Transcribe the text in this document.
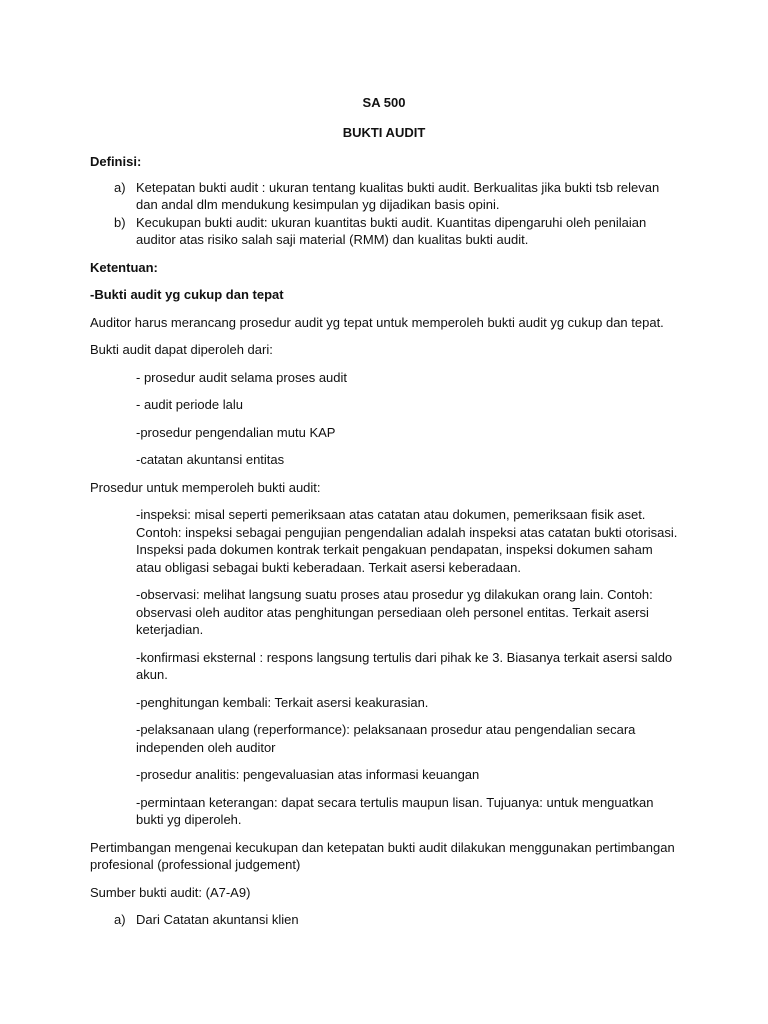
SA 500
BUKTI AUDIT
Definisi:
a) Ketepatan bukti audit : ukuran tentang kualitas bukti audit. Berkualitas jika bukti tsb relevan dan andal dlm mendukung kesimpulan yg dijadikan basis opini.
b) Kecukupan bukti audit: ukuran kuantitas bukti audit. Kuantitas dipengaruhi oleh penilaian auditor atas risiko salah saji material (RMM) dan kualitas bukti audit.
Ketentuan:
-Bukti audit yg cukup dan tepat

Auditor harus merancang prosedur audit yg tepat untuk memperoleh bukti audit yg cukup dan tepat.

Bukti audit dapat diperoleh dari:

- prosedur audit selama proses audit
- audit periode lalu
-prosedur pengendalian mutu KAP
-catatan akuntansi entitas

Prosedur untuk memperoleh bukti audit:

-inspeksi: misal seperti pemeriksaan atas catatan atau dokumen, pemeriksaan fisik aset. Contoh: inspeksi sebagai pengujian pengendalian adalah inspeksi atas catatan bukti otorisasi. Inspeksi pada dokumen kontrak terkait pengakuan pendapatan, inspeksi dokumen saham atau obligasi sebagai bukti keberadaan. Terkait asersi keberadaan.
-observasi: melihat langsung suatu proses atau prosedur yg dilakukan orang lain. Contoh: observasi oleh auditor atas penghitungan persediaan oleh personel entitas. Terkait asersi keterjadian.
-konfirmasi eksternal : respons langsung tertulis dari pihak ke 3. Biasanya terkait asersi saldo akun.
-penghitungan kembali: Terkait asersi keakurasian.
-pelaksanaan ulang (reperformance): pelaksanaan prosedur atau pengendalian secara independen oleh auditor
-prosedur analitis: pengevaluasian atas informasi keuangan
-permintaan keterangan: dapat secara tertulis maupun lisan. Tujuanya: untuk menguatkan bukti yg diperoleh.

Pertimbangan mengenai kecukupan dan ketepatan bukti audit dilakukan menggunakan pertimbangan profesional (professional judgement)

Sumber bukti audit: (A7-A9)

a) Dari Catatan akuntansi klien
